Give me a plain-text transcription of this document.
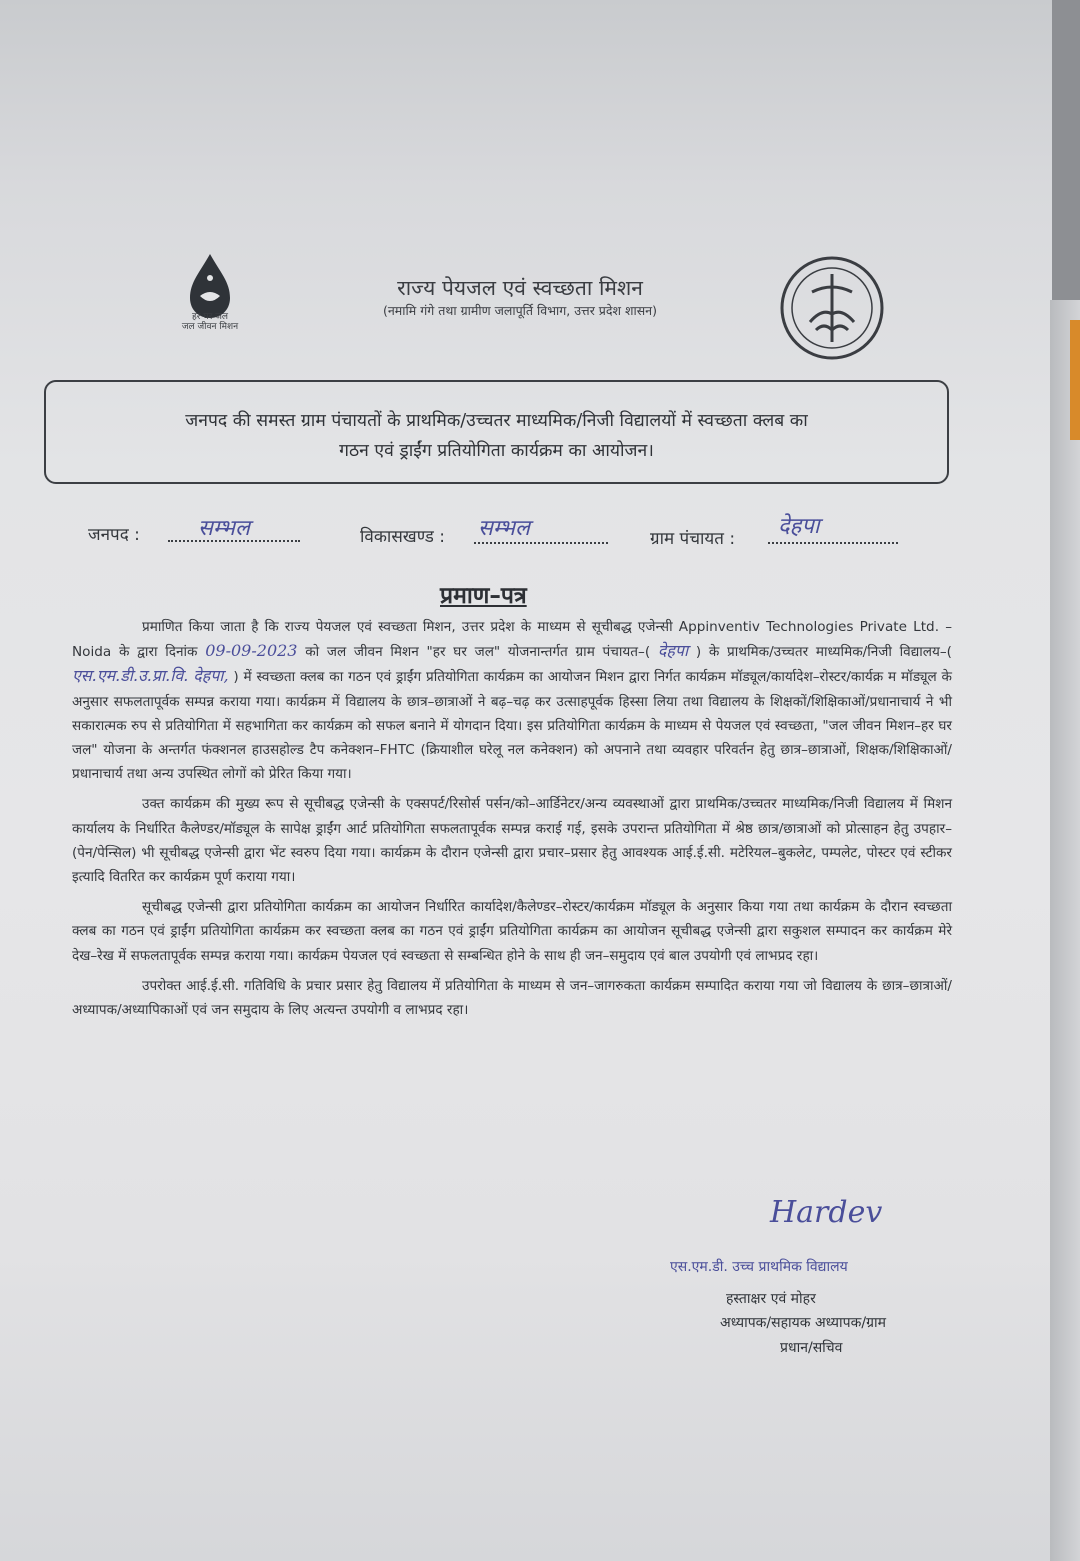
हर घर जल
जल जीवन मिशन
राज्य पेयजल एवं स्वच्छता मिशन
(नमामि गंगे तथा ग्रामीण जलापूर्ति विभाग, उत्तर प्रदेश शासन)
जनपद की समस्त ग्राम पंचायतों के प्राथमिक/उच्चतर माध्यमिक/निजी विद्यालयों में स्वच्छता क्लब का
गठन एवं ड्राईंग प्रतियोगिता कार्यक्रम का आयोजन।
जनपद :	सम्भल	विकासखण्ड : सम्भल	ग्राम पंचायत : देहपा
प्रमाण–पत्र

प्रमाणित किया जाता है कि राज्य पेयजल एवं स्वच्छता मिशन, उत्तर प्रदेश के माध्यम से सूचीबद्ध एजेन्सी Appinventiv Technologies Private Ltd. – Noida के द्वारा दिनांक 09-09-2023 को जल जीवन मिशन "हर घर जल" योजनान्तर्गत ग्राम पंचायत–( देहपा ) के प्राथमिक/उच्चतर माध्यमिक/निजी विद्यालय–( एस.एम.डी.उ.प्रा.वि. देहपा, ) में स्वच्छता क्लब का गठन एवं ड्राईंग प्रतियोगिता कार्यक्रम का आयोजन मिशन द्वारा निर्गत कार्यक्रम मॉड्यूल/कार्यादेश–रोस्टर/कार्यक्र म मॉड्यूल के अनुसार सफलतापूर्वक सम्पन्न कराया गया। कार्यक्रम में विद्यालय के छात्र–छात्राओं ने बढ़–चढ़ कर उत्साहपूर्वक हिस्सा लिया तथा विद्यालय के शिक्षकों/शिक्षिकाओं/प्रधानाचार्य ने भी सकारात्मक रुप से प्रतियोगिता में सहभागिता कर कार्यक्रम को सफल बनाने में योगदान दिया। इस प्रतियोगिता कार्यक्रम के माध्यम से पेयजल एवं स्वच्छता, "जल जीवन मिशन–हर घर जल" योजना के अन्तर्गत फंक्शनल हाउसहोल्ड टैप कनेक्शन–FHTC (क्रियाशील घरेलू नल कनेक्शन) को अपनाने तथा व्यवहार परिवर्तन हेतु छात्र–छात्राओं, शिक्षक/शिक्षिकाओं/प्रधानाचार्य तथा अन्य उपस्थित लोगों को प्रेरित किया गया।

उक्त कार्यक्रम की मुख्य रूप से सूचीबद्ध एजेन्सी के एक्सपर्ट/रिसोर्स पर्सन/को–आर्डिनेटर/अन्य व्यवस्थाओं द्वारा प्राथमिक/उच्चतर माध्यमिक/निजी विद्यालय में मिशन कार्यालय के निर्धारित कैलेण्डर/मॉड्यूल के सापेक्ष ड्राईंग आर्ट प्रतियोगिता सफलतापूर्वक सम्पन्न कराई गई, इसके उपरान्त प्रतियोगिता में श्रेष्ठ छात्र/छात्राओं को प्रोत्साहन हेतु उपहार–(पेन/पेन्सिल) भी सूचीबद्ध एजेन्सी द्वारा भेंट स्वरुप दिया गया। कार्यक्रम के दौरान एजेन्सी द्वारा प्रचार–प्रसार हेतु आवश्यक आई.ई.सी. मटेरियल–बुकलेट, पम्पलेट, पोस्टर एवं स्टीकर इत्यादि वितरित कर कार्यक्रम पूर्ण कराया गया।

सूचीबद्ध एजेन्सी द्वारा प्रतियोगिता कार्यक्रम का आयोजन निर्धारित कार्यादेश/कैलेण्डर–रोस्टर/कार्यक्रम मॉड्यूल के अनुसार किया गया तथा कार्यक्रम के दौरान स्वच्छता क्लब का गठन एवं ड्राईंग प्रतियोगिता कार्यक्रम कर स्वच्छता क्लब का गठन एवं ड्राईंग प्रतियोगिता कार्यक्रम का आयोजन सूचीबद्ध एजेन्सी द्वारा सकुशल सम्पादन कर कार्यक्रम मेरे देख–रेख में सफलतापूर्वक सम्पन्न कराया गया। कार्यक्रम पेयजल एवं स्वच्छता से सम्बन्धित होने के साथ ही जन–समुदाय एवं बाल उपयोगी एवं लाभप्रद रहा।

उपरोक्त आई.ई.सी. गतिविधि के प्रचार प्रसार हेतु विद्यालय में प्रतियोगिता के माध्यम से जन–जागरुकता कार्यक्रम सम्पादित कराया गया जो विद्यालय के छात्र–छात्राओं/अध्यापक/अध्यापिकाओं एवं जन समुदाय के लिए अत्यन्त उपयोगी व लाभप्रद रहा।

Hardev
एस.एम.डी. उच्च प्राथमिक विद्यालय
हस्ताक्षर एवं मोहर
अध्यापक/सहायक अध्यापक/ग्राम
प्रधान/सचिव
